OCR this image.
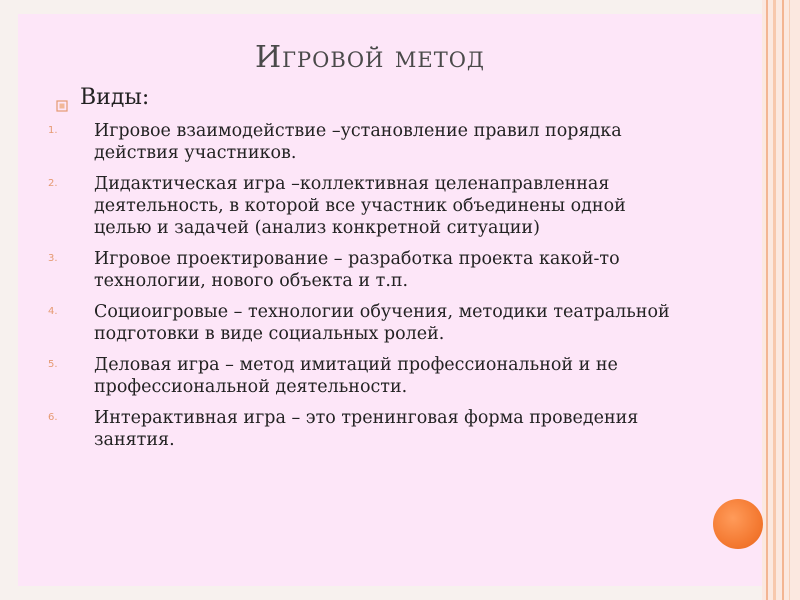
Игровой метод
Виды:
1.	Игровое взаимодействие –установление правил порядка действия участников.
2.	Дидактическая игра –коллективная целенаправленная деятельность, в которой все участник объединены одной целью и задачей (анализ конкретной ситуации)
3.	Игровое проектирование – разработка проекта какой-то технологии, нового объекта и т.п.
4.	Социоигровые – технологии обучения, методики театральной подготовки в виде социальных ролей.
5.	Деловая игра – метод имитаций профессиональной и не профессиональной деятельности.
6.	Интерактивная игра – это тренинговая форма проведения занятия.
